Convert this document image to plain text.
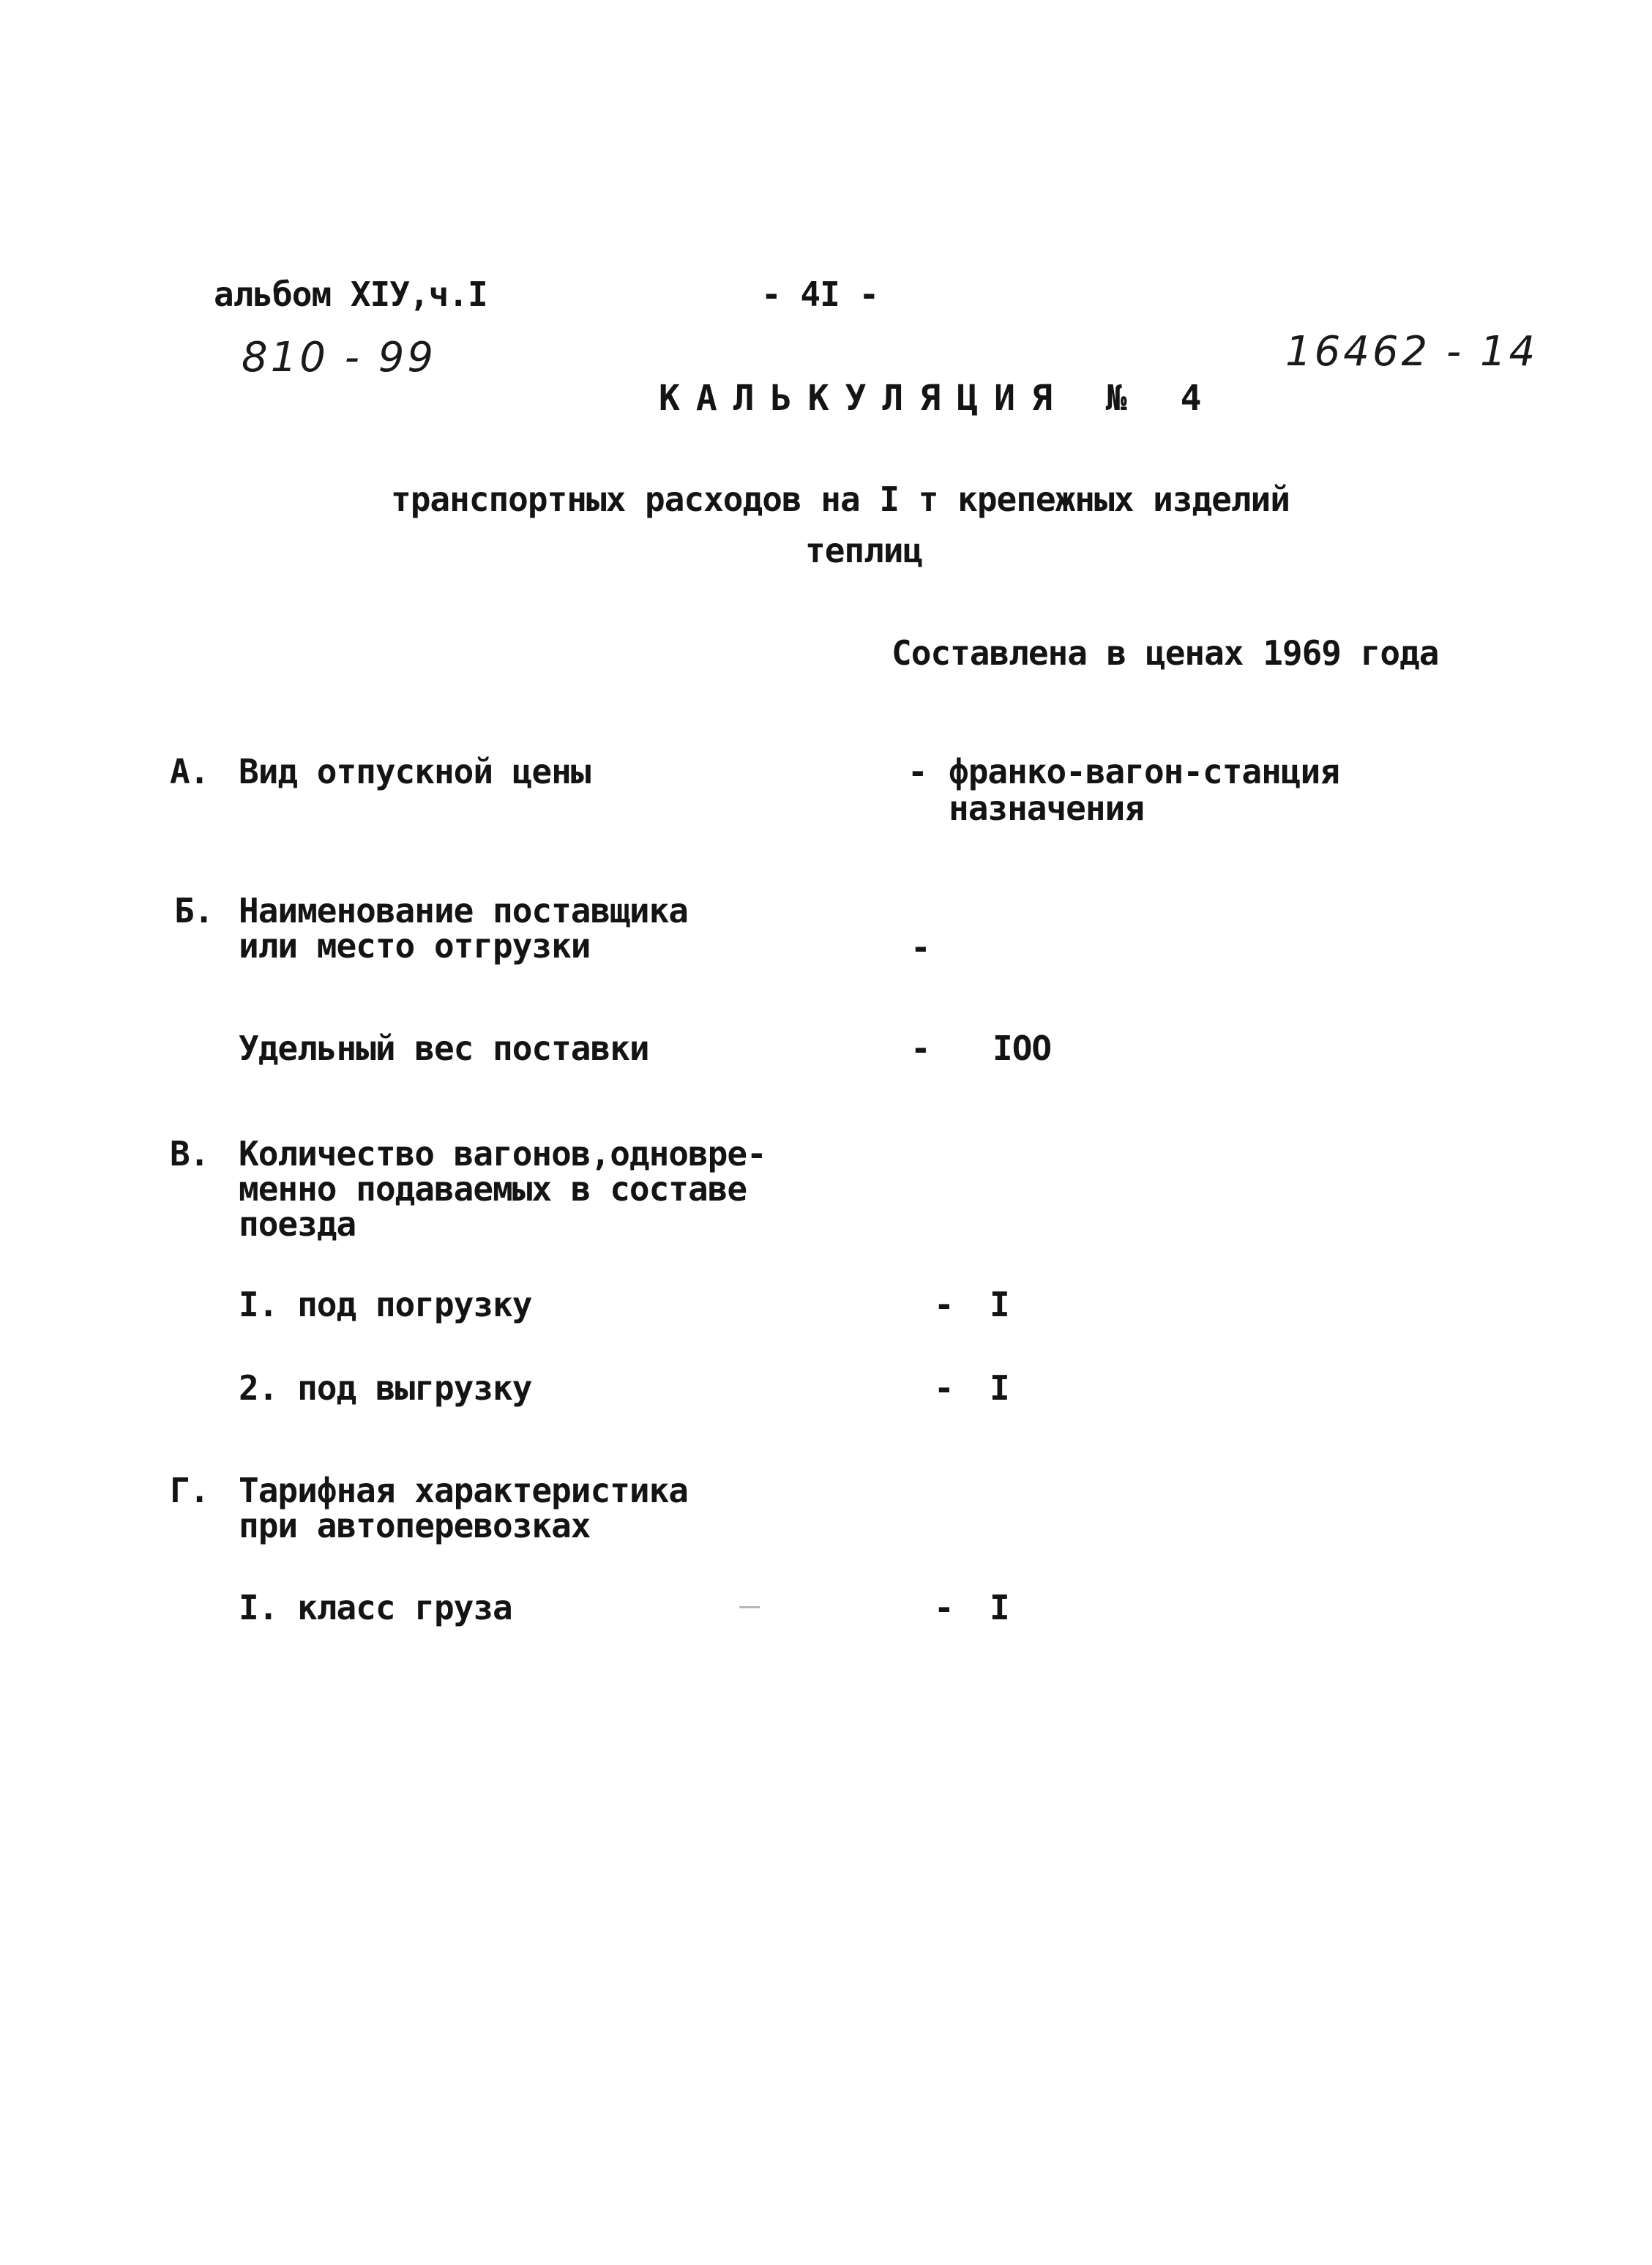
альбом XIУ,ч.I	- 4I -
810 - 99	16462 - 14
КАЛЬКУЛЯЦИЯ № 4
транспортных расходов на I т крепежных изделий
теплиц
Составлена в ценах 1969 года
А. Вид отпускной цены	- франко-вагон-станция
назначения
Б. Наименование поставщика
или место отгрузки	-
Удельный вес поставки	- IOO
В. Количество вагонов,одновре-
менно подаваемых в составе
поезда
I. под погрузку	- I
2. под выгрузку	- I
Г. Тарифная характеристика
при автоперевозках
I. класс груза	- I
